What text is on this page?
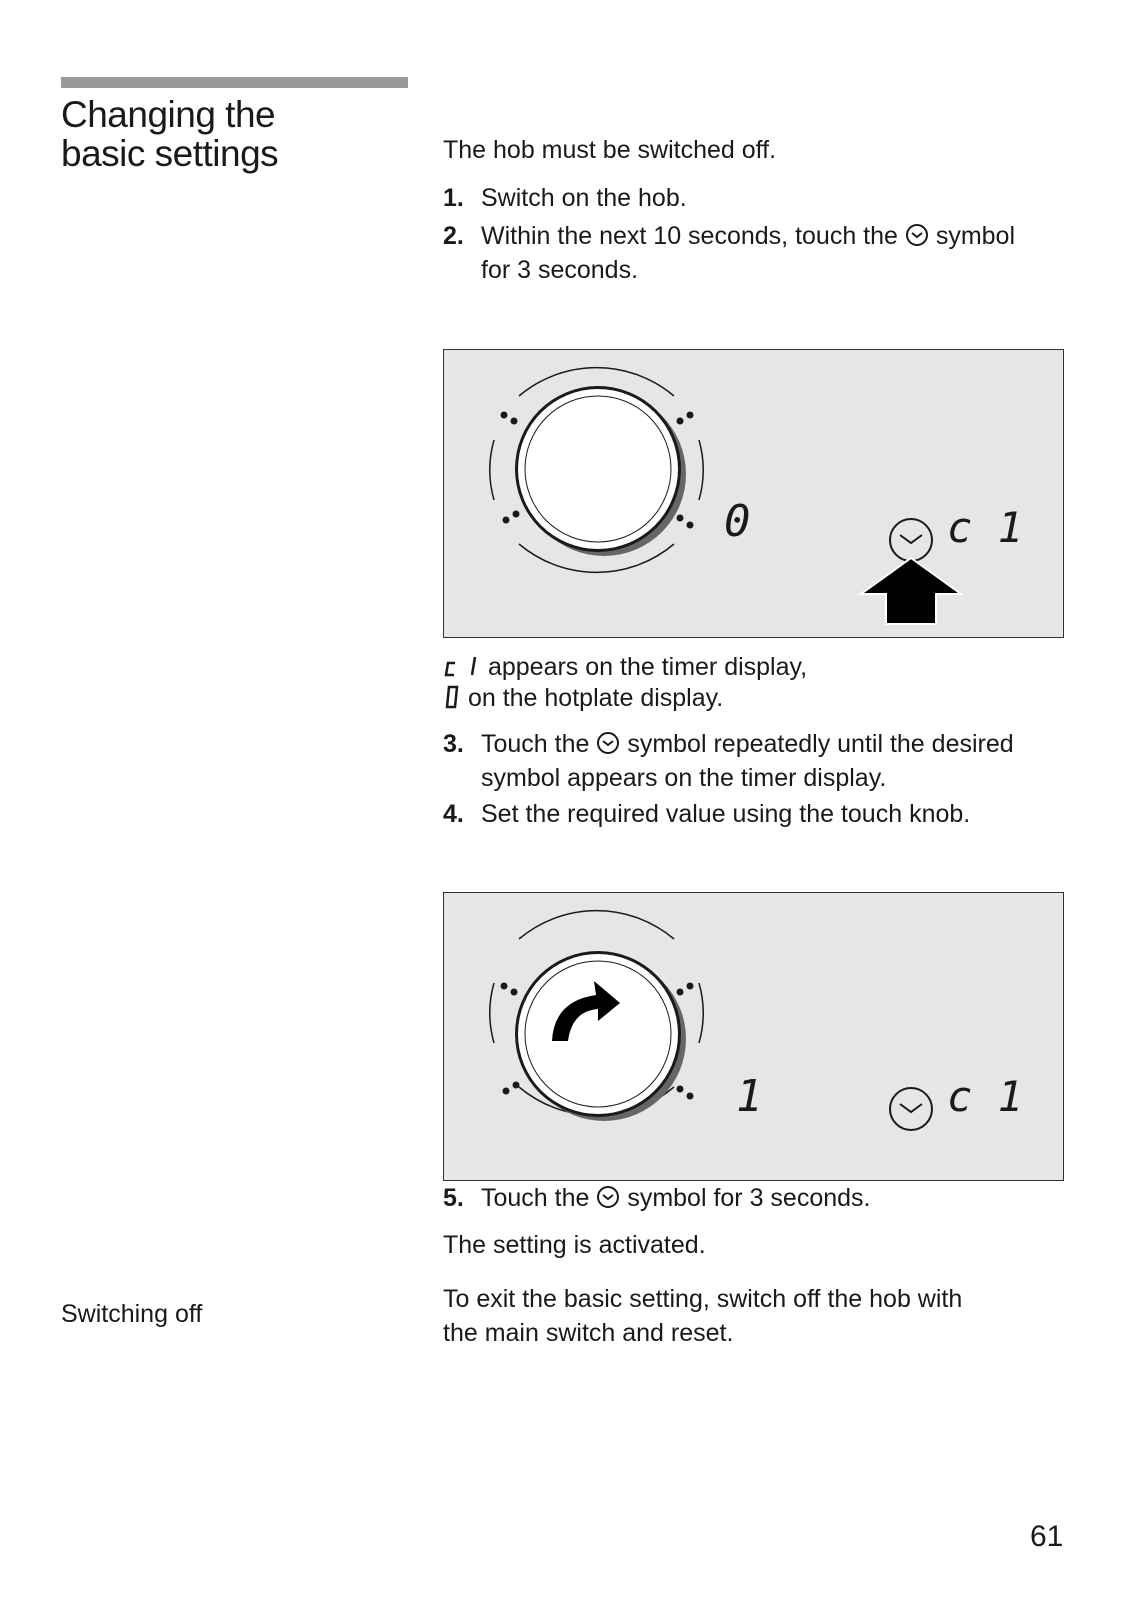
Changing the
basic settings	The hob must be switched off.
1. Switch on the hob.
2. Within the next 10 seconds, touch the symbol
for 3 seconds.
0	c 1
appears on the timer display,
on the hotplate display.
3. Touch the symbol repeatedly until the desired
symbol appears on the timer display.
4. Set the required value using the touch knob.
1	c 1
5. Touch the symbol for 3 seconds.
The setting is activated.
Switching off
To exit the basic setting, switch off the hob with
the main switch and reset.
61
